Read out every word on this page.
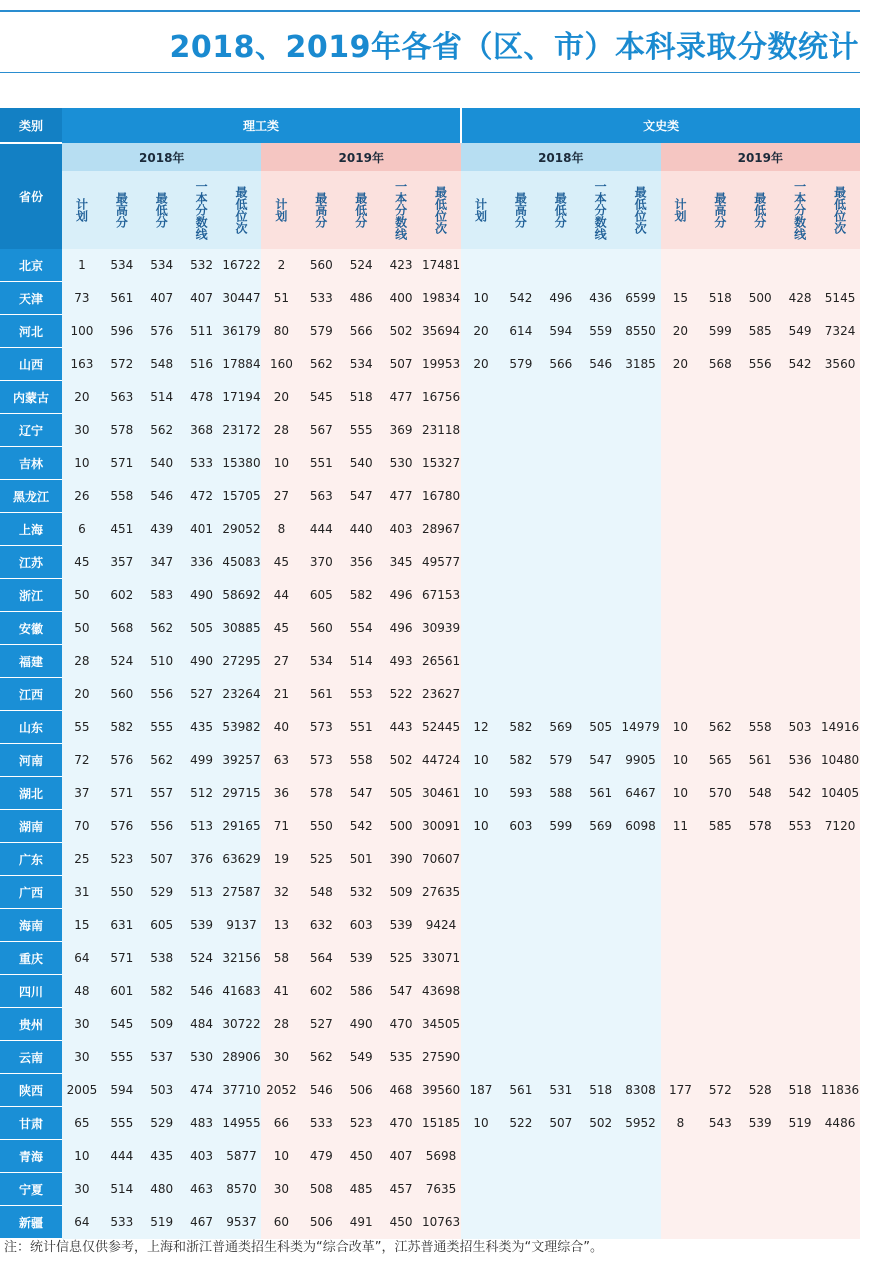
2018、2019年各省（区、市）本科录取分数统计
类别	理工类										文史类									
省份	2018年					2019年					2018年					2019年				
	计划	最高分	最低分	一本分数线	最低位次	计划	最高分	最低分	一本分数线	最低位次	计划	最高分	最低分	一本分数线	最低位次	计划	最高分	最低分	一本分数线	最低位次
北京	1	534	534	532	16722	2	560	524	423	17481										
天津	73	561	407	407	30447	51	533	486	400	19834	10	542	496	436	6599	15	518	500	428	5145
河北	100	596	576	511	36179	80	579	566	502	35694	20	614	594	559	8550	20	599	585	549	7324
山西	163	572	548	516	17884	160	562	534	507	19953	20	579	566	546	3185	20	568	556	542	3560
内蒙古	20	563	514	478	17194	20	545	518	477	16756										
辽宁	30	578	562	368	23172	28	567	555	369	23118										
吉林	10	571	540	533	15380	10	551	540	530	15327										
黑龙江	26	558	546	472	15705	27	563	547	477	16780										
上海	6	451	439	401	29052	8	444	440	403	28967										
江苏	45	357	347	336	45083	45	370	356	345	49577										
浙江	50	602	583	490	58692	44	605	582	496	67153										
安徽	50	568	562	505	30885	45	560	554	496	30939										
福建	28	524	510	490	27295	27	534	514	493	26561										
江西	20	560	556	527	23264	21	561	553	522	23627										
山东	55	582	555	435	53982	40	573	551	443	52445	12	582	569	505	14979	10	562	558	503	14916
河南	72	576	562	499	39257	63	573	558	502	44724	10	582	579	547	9905	10	565	561	536	10480
湖北	37	571	557	512	29715	36	578	547	505	30461	10	593	588	561	6467	10	570	548	542	10405
湖南	70	576	556	513	29165	71	550	542	500	30091	10	603	599	569	6098	11	585	578	553	7120
广东	25	523	507	376	63629	19	525	501	390	70607										
广西	31	550	529	513	27587	32	548	532	509	27635										
海南	15	631	605	539	9137	13	632	603	539	9424										
重庆	64	571	538	524	32156	58	564	539	525	33071										
四川	48	601	582	546	41683	41	602	586	547	43698										
贵州	30	545	509	484	30722	28	527	490	470	34505										
云南	30	555	537	530	28906	30	562	549	535	27590										
陕西	2005	594	503	474	37710	2052	546	506	468	39560	187	561	531	518	8308	177	572	528	518	11836
甘肃	65	555	529	483	14955	66	533	523	470	15185	10	522	507	502	5952	8	543	539	519	4486
青海	10	444	435	403	5877	10	479	450	407	5698										
宁夏	30	514	480	463	8570	30	508	485	457	7635										
新疆	64	533	519	467	9537	60	506	491	450	10763										
注：统计信息仅供参考，上海和浙江普通类招生科类为“综合改革”，江苏普通类招生科类为“文理综合”。
